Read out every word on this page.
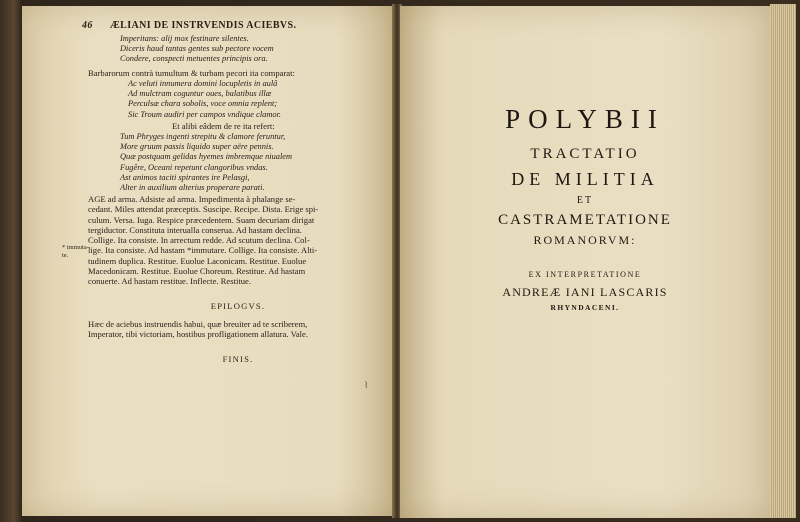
46 ÆLIANI DE INSTRVENDIS ACIEBVS.
Imperitans: alij mox festinare silentes.
Diceris haud tantas gentes sub pectore vocem
Condere, conspecti metuentes principis ora.
Barbarorum contrà tumultum & turbam pecori ita comparat:
Ac veluti innumera domini locupletis in aulâ
Ad mulctram coguntur oues, balatibus illæ
Perculsæ chara sobolis, voce omnia replent;
Sic Troum audiri per campos vndique clamor.
Et alibi eâdem de re ita refert:
Tum Phryges ingenti strepitu & clamore feruntur,
More gruum passis liquido super aëre pennis.
Quæ postquam gelidas hyemes imbremque niualem
Fugêre, Oceani repetunt clangoribus vndas.
Ast animos taciti spirantes ire Pelasgi,
Alter in auxilium alterius properare parati.
AGE ad arma. Adsiste ad arma. Impedimenta à phalange se-
cedant. Miles attendat præceptis. Suscipe. Recipe. Dista. Erige spi-
culum. Versa. Iuga. Respice præcedentem. Suam decuriam dirigat
tergiductor. Constituta interualla conserua. Ad hastam declina.
Collige. Ita consiste. In arrectum redde. Ad scutum declina. Col-
lige. Ita consiste. Ad hastam *immutare. Collige. Ita consiste. Alti-
tudinem duplica. Restitue. Euolue Laconicam. Restitue. Euolue
Macedonicam. Restitue. Euolue Choreum. Restitue. Ad hastam
conuerte. Ad hastam restitue. Inflecte. Restitue.
* immuta-
te.
EPILOGVS.
Hæc de aciebus instruendis habui, quæ breuiter ad te scriberem,
Imperator, tibi victoriam, hostibus profligationem allatura. Vale.
FINIS.
⌇
POLYBII
TRACTATIO
DE MILITIA
ET
CASTRAMETATIONE
ROMANORVM:
EX INTERPRETATIONE
ANDREÆ IANI LASCARIS
RHYNDACENI.
